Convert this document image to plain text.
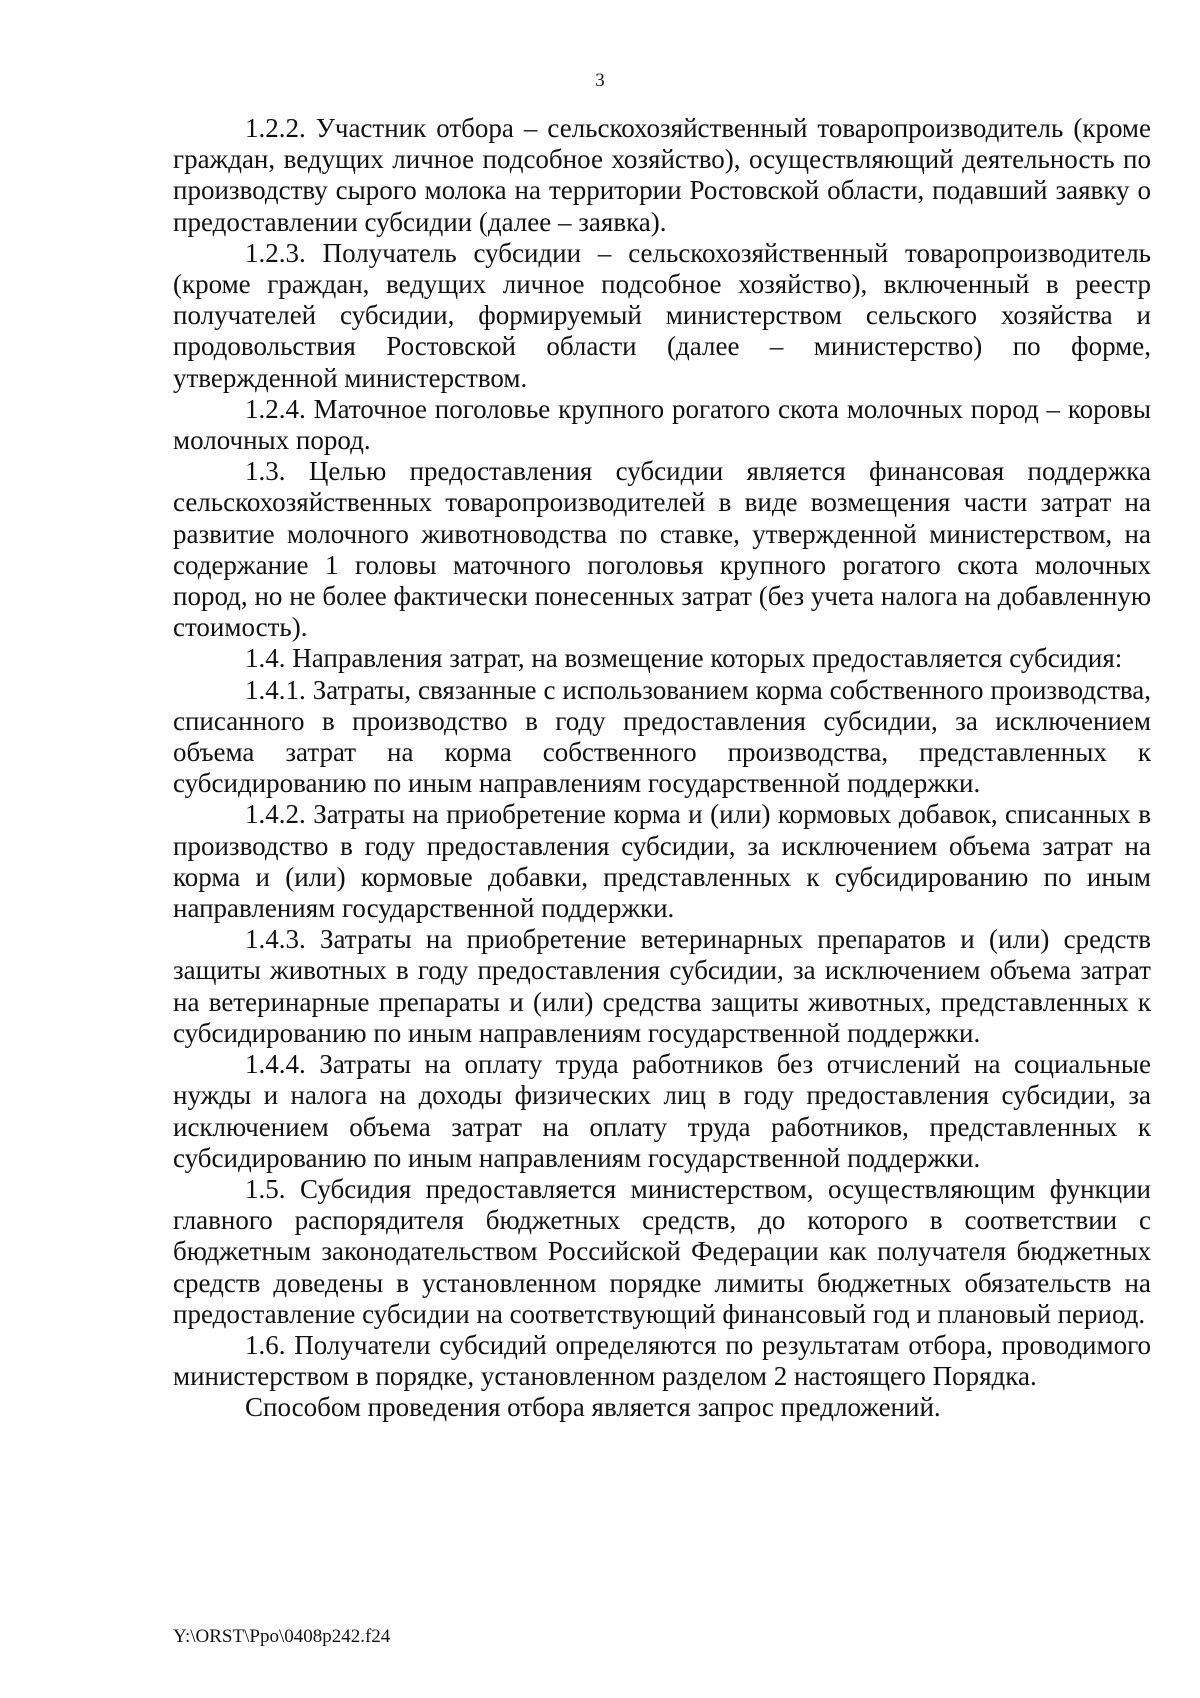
3

1.2.2. Участник отбора – сельскохозяйственный товаропроизводитель (кроме граждан, ведущих личное подсобное хозяйство), осуществляющий деятельность по производству сырого молока на территории Ростовской области, подавший заявку о предоставлении субсидии (далее – заявка).

1.2.3. Получатель субсидии – сельскохозяйственный товаропроизводитель (кроме граждан, ведущих личное подсобное хозяйство), включенный в реестр получателей субсидии, формируемый министерством сельского хозяйства и продовольствия Ростовской области (далее – министерство) по форме, утвержденной министерством.

1.2.4. Маточное поголовье крупного рогатого скота молочных пород – коровы молочных пород.

1.3. Целью предоставления субсидии является финансовая поддержка сельскохозяйственных товаропроизводителей в виде возмещения части затрат на развитие молочного животноводства по ставке, утвержденной министерством, на содержание 1 головы маточного поголовья крупного рогатого скота молочных пород, но не более фактически понесенных затрат (без учета налога на добавленную стоимость).

1.4. Направления затрат, на возмещение которых предоставляется субсидия:

1.4.1. Затраты, связанные с использованием корма собственного производства, списанного в производство в году предоставления субсидии, за исключением объема затрат на корма собственного производства, представленных к субсидированию по иным направлениям государственной поддержки.

1.4.2. Затраты на приобретение корма и (или) кормовых добавок, списанных в производство в году предоставления субсидии, за исключением объема затрат на корма и (или) кормовые добавки, представленных к субсидированию по иным направлениям государственной поддержки.

1.4.3. Затраты на приобретение ветеринарных препаратов и (или) средств защиты животных в году предоставления субсидии, за исключением объема затрат на ветеринарные препараты и (или) средства защиты животных, представленных к субсидированию по иным направлениям государственной поддержки.

1.4.4. Затраты на оплату труда работников без отчислений на социальные нужды и налога на доходы физических лиц в году предоставления субсидии, за исключением объема затрат на оплату труда работников, представленных к субсидированию по иным направлениям государственной поддержки.

1.5. Субсидия предоставляется министерством, осуществляющим функции главного распорядителя бюджетных средств, до которого в соответствии с бюджетным законодательством Российской Федерации как получателя бюджетных средств доведены в установленном порядке лимиты бюджетных обязательств на предоставление субсидии на соответствующий финансовый год и плановый период.

1.6. Получатели субсидий определяются по результатам отбора, проводимого министерством в порядке, установленном разделом 2 настоящего Порядка.

Способом проведения отбора является запрос предложений.

Y:\ORST\Ppo\0408p242.f24
